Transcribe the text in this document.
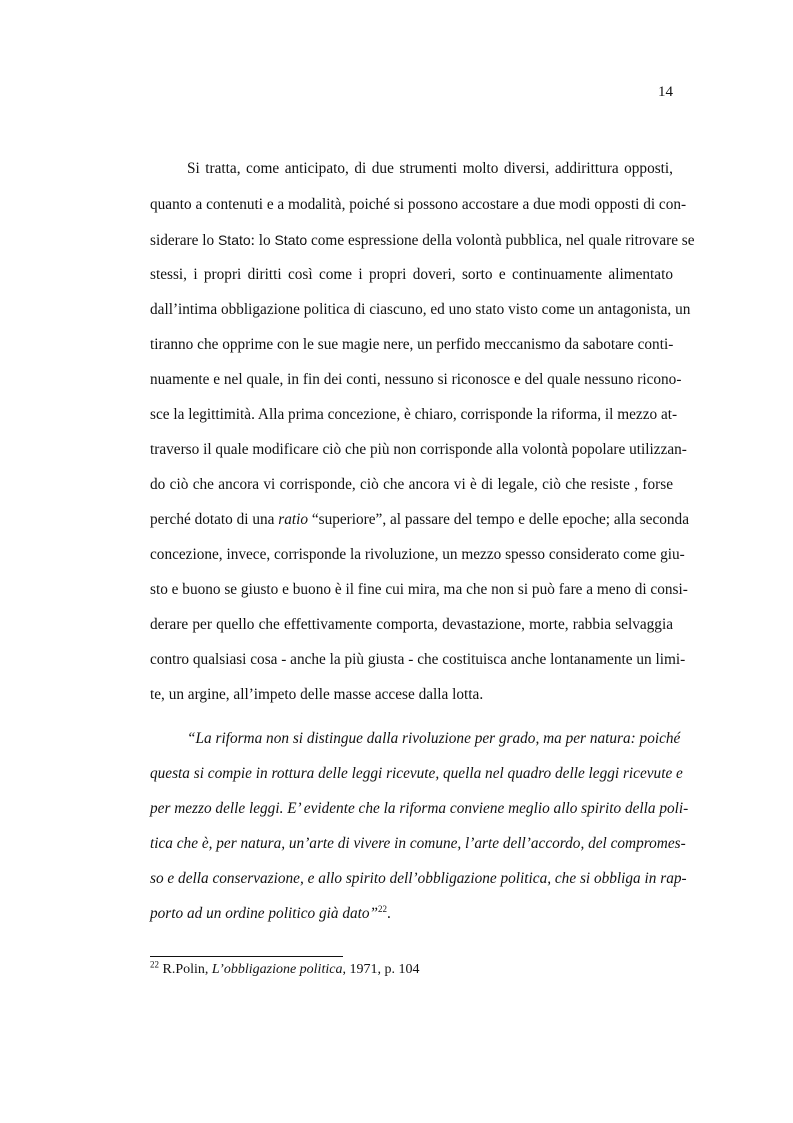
14
Si tratta, come anticipato, di due strumenti molto diversi, addirittura opposti,
quanto a contenuti e a modalità, poiché si possono accostare a due modi opposti di con-
siderare lo Stato: lo Stato come espressione della volontà pubblica, nel quale ritrovare se
stessi, i propri diritti così come i propri doveri, sorto e continuamente alimentato
dall’intima obbligazione politica di ciascuno, ed uno stato visto come un antagonista, un
tiranno che opprime con le sue magie nere, un perfido meccanismo da sabotare conti-
nuamente e nel quale, in fin dei conti, nessuno si riconosce e del quale nessuno ricono-
sce la legittimità. Alla prima concezione, è chiaro, corrisponde la riforma, il mezzo at-
traverso il quale modificare ciò che più non corrisponde alla volontà popolare utilizzan-
do ciò che ancora vi corrisponde, ciò che ancora vi è di legale, ciò che resiste , forse
perché dotato di una ratio “superiore”, al passare del tempo e delle epoche; alla seconda
concezione, invece, corrisponde la rivoluzione, un mezzo spesso considerato come giu-
sto e buono se giusto e buono è il fine cui mira, ma che non si può fare a meno di consi-
derare per quello che effettivamente comporta, devastazione, morte, rabbia selvaggia
contro qualsiasi cosa - anche la più giusta - che costituisca anche lontanamente un limi-
te, un argine, all’impeto delle masse accese dalla lotta.
“La riforma non si distingue dalla rivoluzione per grado, ma per natura: poiché
questa si compie in rottura delle leggi ricevute, quella nel quadro delle leggi ricevute e
per mezzo delle leggi. E’ evidente che la riforma conviene meglio allo spirito della poli-
tica che è, per natura, un’arte di vivere in comune, l’arte dell’accordo, del compromes-
so e della conservazione, e allo spirito dell’obbligazione politica, che si obbliga in rap-
porto ad un ordine politico già dato”$^{22}$.
$^{22}$ R.Polin, L’obbligazione politica, 1971, p. 104
